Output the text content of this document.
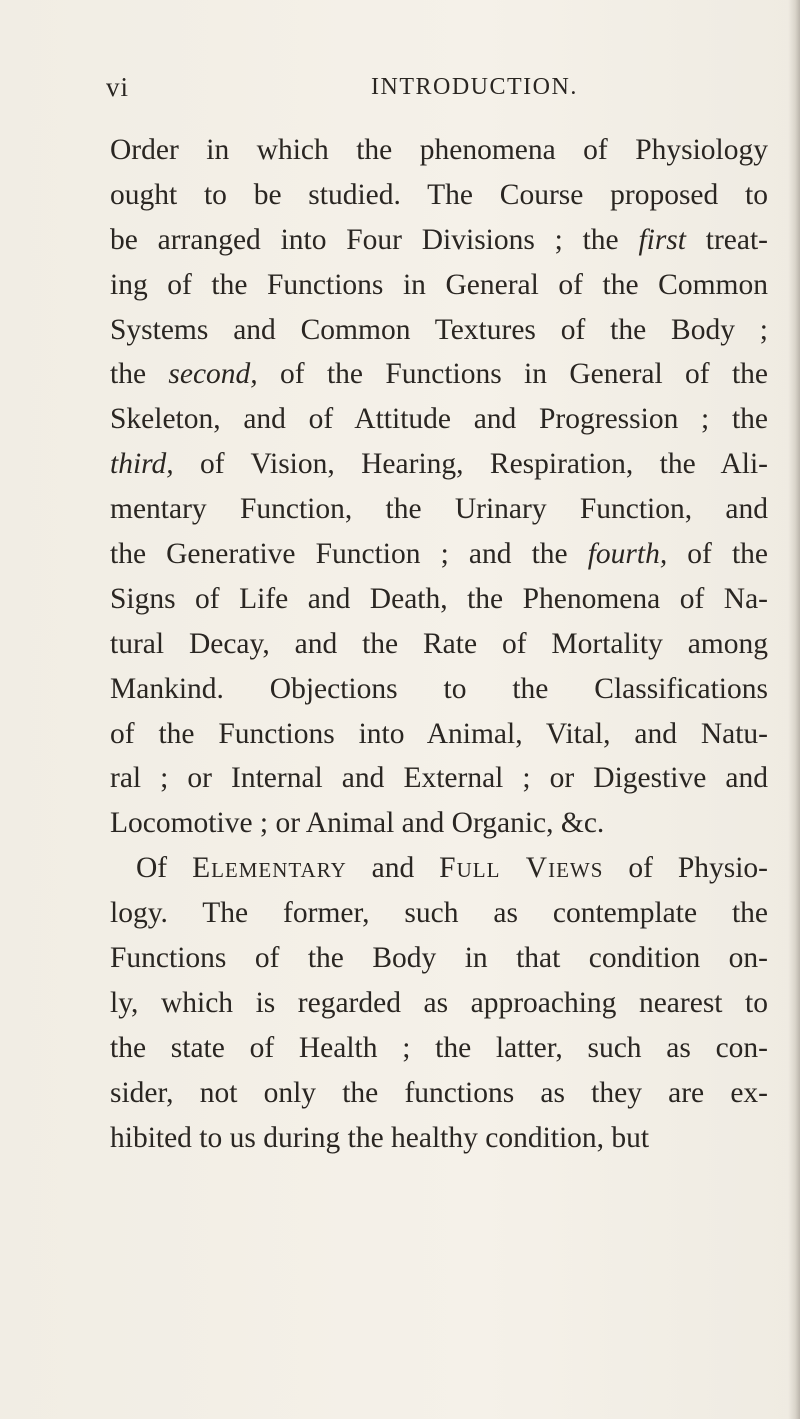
vi	INTRODUCTION.
Order in which the phenomena of Physiology
ought to be studied. The Course proposed to
be arranged into Four Divisions ; the first treat-
ing of the Functions in General of the Common
Systems and Common Textures of the Body ;
the second, of the Functions in General of the
Skeleton, and of Attitude and Progression ; the
third, of Vision, Hearing, Respiration, the Ali-
mentary Function, the Urinary Function, and
the Generative Function ; and the fourth, of the
Signs of Life and Death, the Phenomena of Na-
tural Decay, and the Rate of Mortality among
Mankind. Objections to the Classifications
of the Functions into Animal, Vital, and Natu-
ral ; or Internal and External ; or Digestive and
Locomotive ; or Animal and Organic, &c.
Of Elementary and Full Views of Physio-
logy. The former, such as contemplate the
Functions of the Body in that condition on-
ly, which is regarded as approaching nearest to
the state of Health ; the latter, such as con-
sider, not only the functions as they are ex-
hibited to us during the healthy condition, but
